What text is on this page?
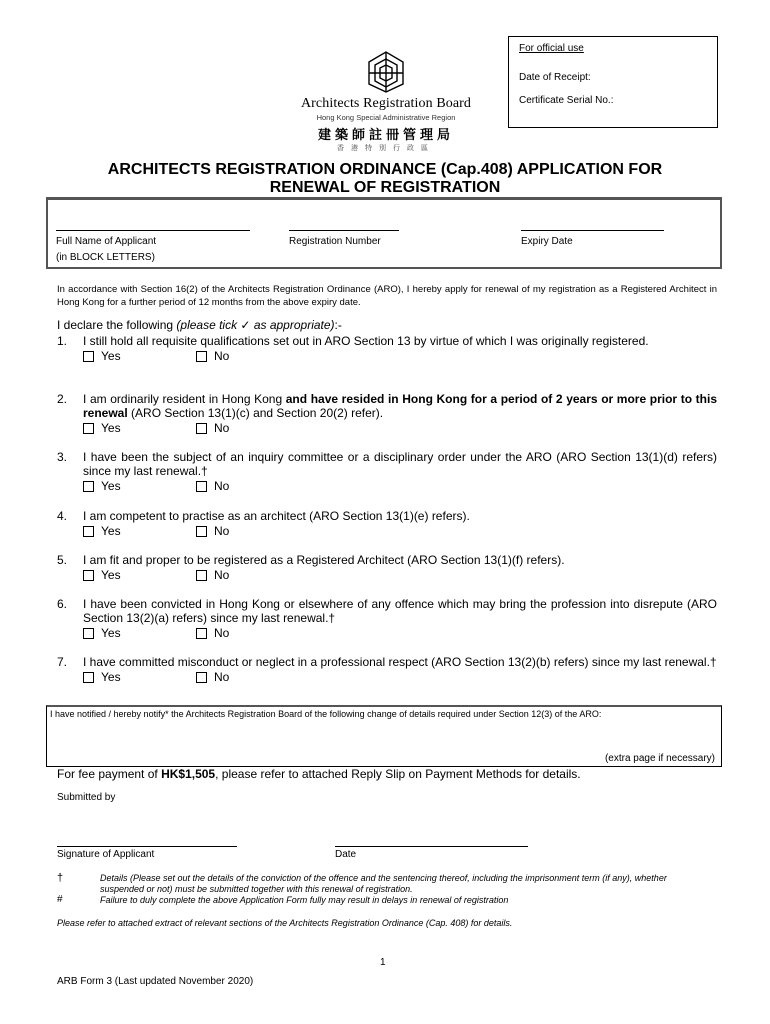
For official use
Date of Receipt:
Certificate Serial No.:
Architects Registration Board
Hong Kong Special Administrative Region
建築師註冊管理局
香港特別行政區
ARCHITECTS REGISTRATION ORDINANCE (Cap.408) APPLICATION FOR
RENEWAL OF REGISTRATION
Full Name of Applicant
(in BLOCK LETTERS)
Registration Number	Expiry Date
In accordance with Section 16(2) of the Architects Registration Ordinance (ARO), I hereby apply for renewal of my registration as a Registered Architect in Hong Kong for a further period of 12 months from the above expiry date.
I declare the following (please tick ✓ as appropriate):-
1. I still hold all requisite qualifications set out in ARO Section 13 by virtue of which I was originally registered.
Yes	No
2. I am ordinarily resident in Hong Kong and have resided in Hong Kong for a period of 2 years or more prior to this renewal (ARO Section 13(1)(c) and Section 20(2) refer).
Yes	No
3. I have been the subject of an inquiry committee or a disciplinary order under the ARO (ARO Section 13(1)(d) refers) since my last renewal.†
Yes	No
4. I am competent to practise as an architect (ARO Section 13(1)(e) refers).
Yes	No
5. I am fit and proper to be registered as a Registered Architect (ARO Section 13(1)(f) refers).
Yes	No
6. I have been convicted in Hong Kong or elsewhere of any offence which may bring the profession into disrepute (ARO Section 13(2)(a) refers) since my last renewal.†
Yes	No
7. I have committed misconduct or neglect in a professional respect (ARO Section 13(2)(b) refers) since my last renewal.†
Yes	No
I have notified / hereby notify* the Architects Registration Board of the following change of details required under Section 12(3) of the ARO:
(extra page if necessary)
For fee payment of HK$1,505, please refer to attached Reply Slip on Payment Methods for details.
Submitted by
Signature of Applicant	Date
†	Details (Please set out the details of the conviction of the offence and the sentencing thereof, including the imprisonment term (if any), whether suspended or not) must be submitted together with this renewal of registration.
#	Failure to duly complete the above Application Form fully may result in delays in renewal of registration
Please refer to attached extract of relevant sections of the Architects Registration Ordinance (Cap. 408) for details.
1
ARB Form 3 (Last updated November 2020)
